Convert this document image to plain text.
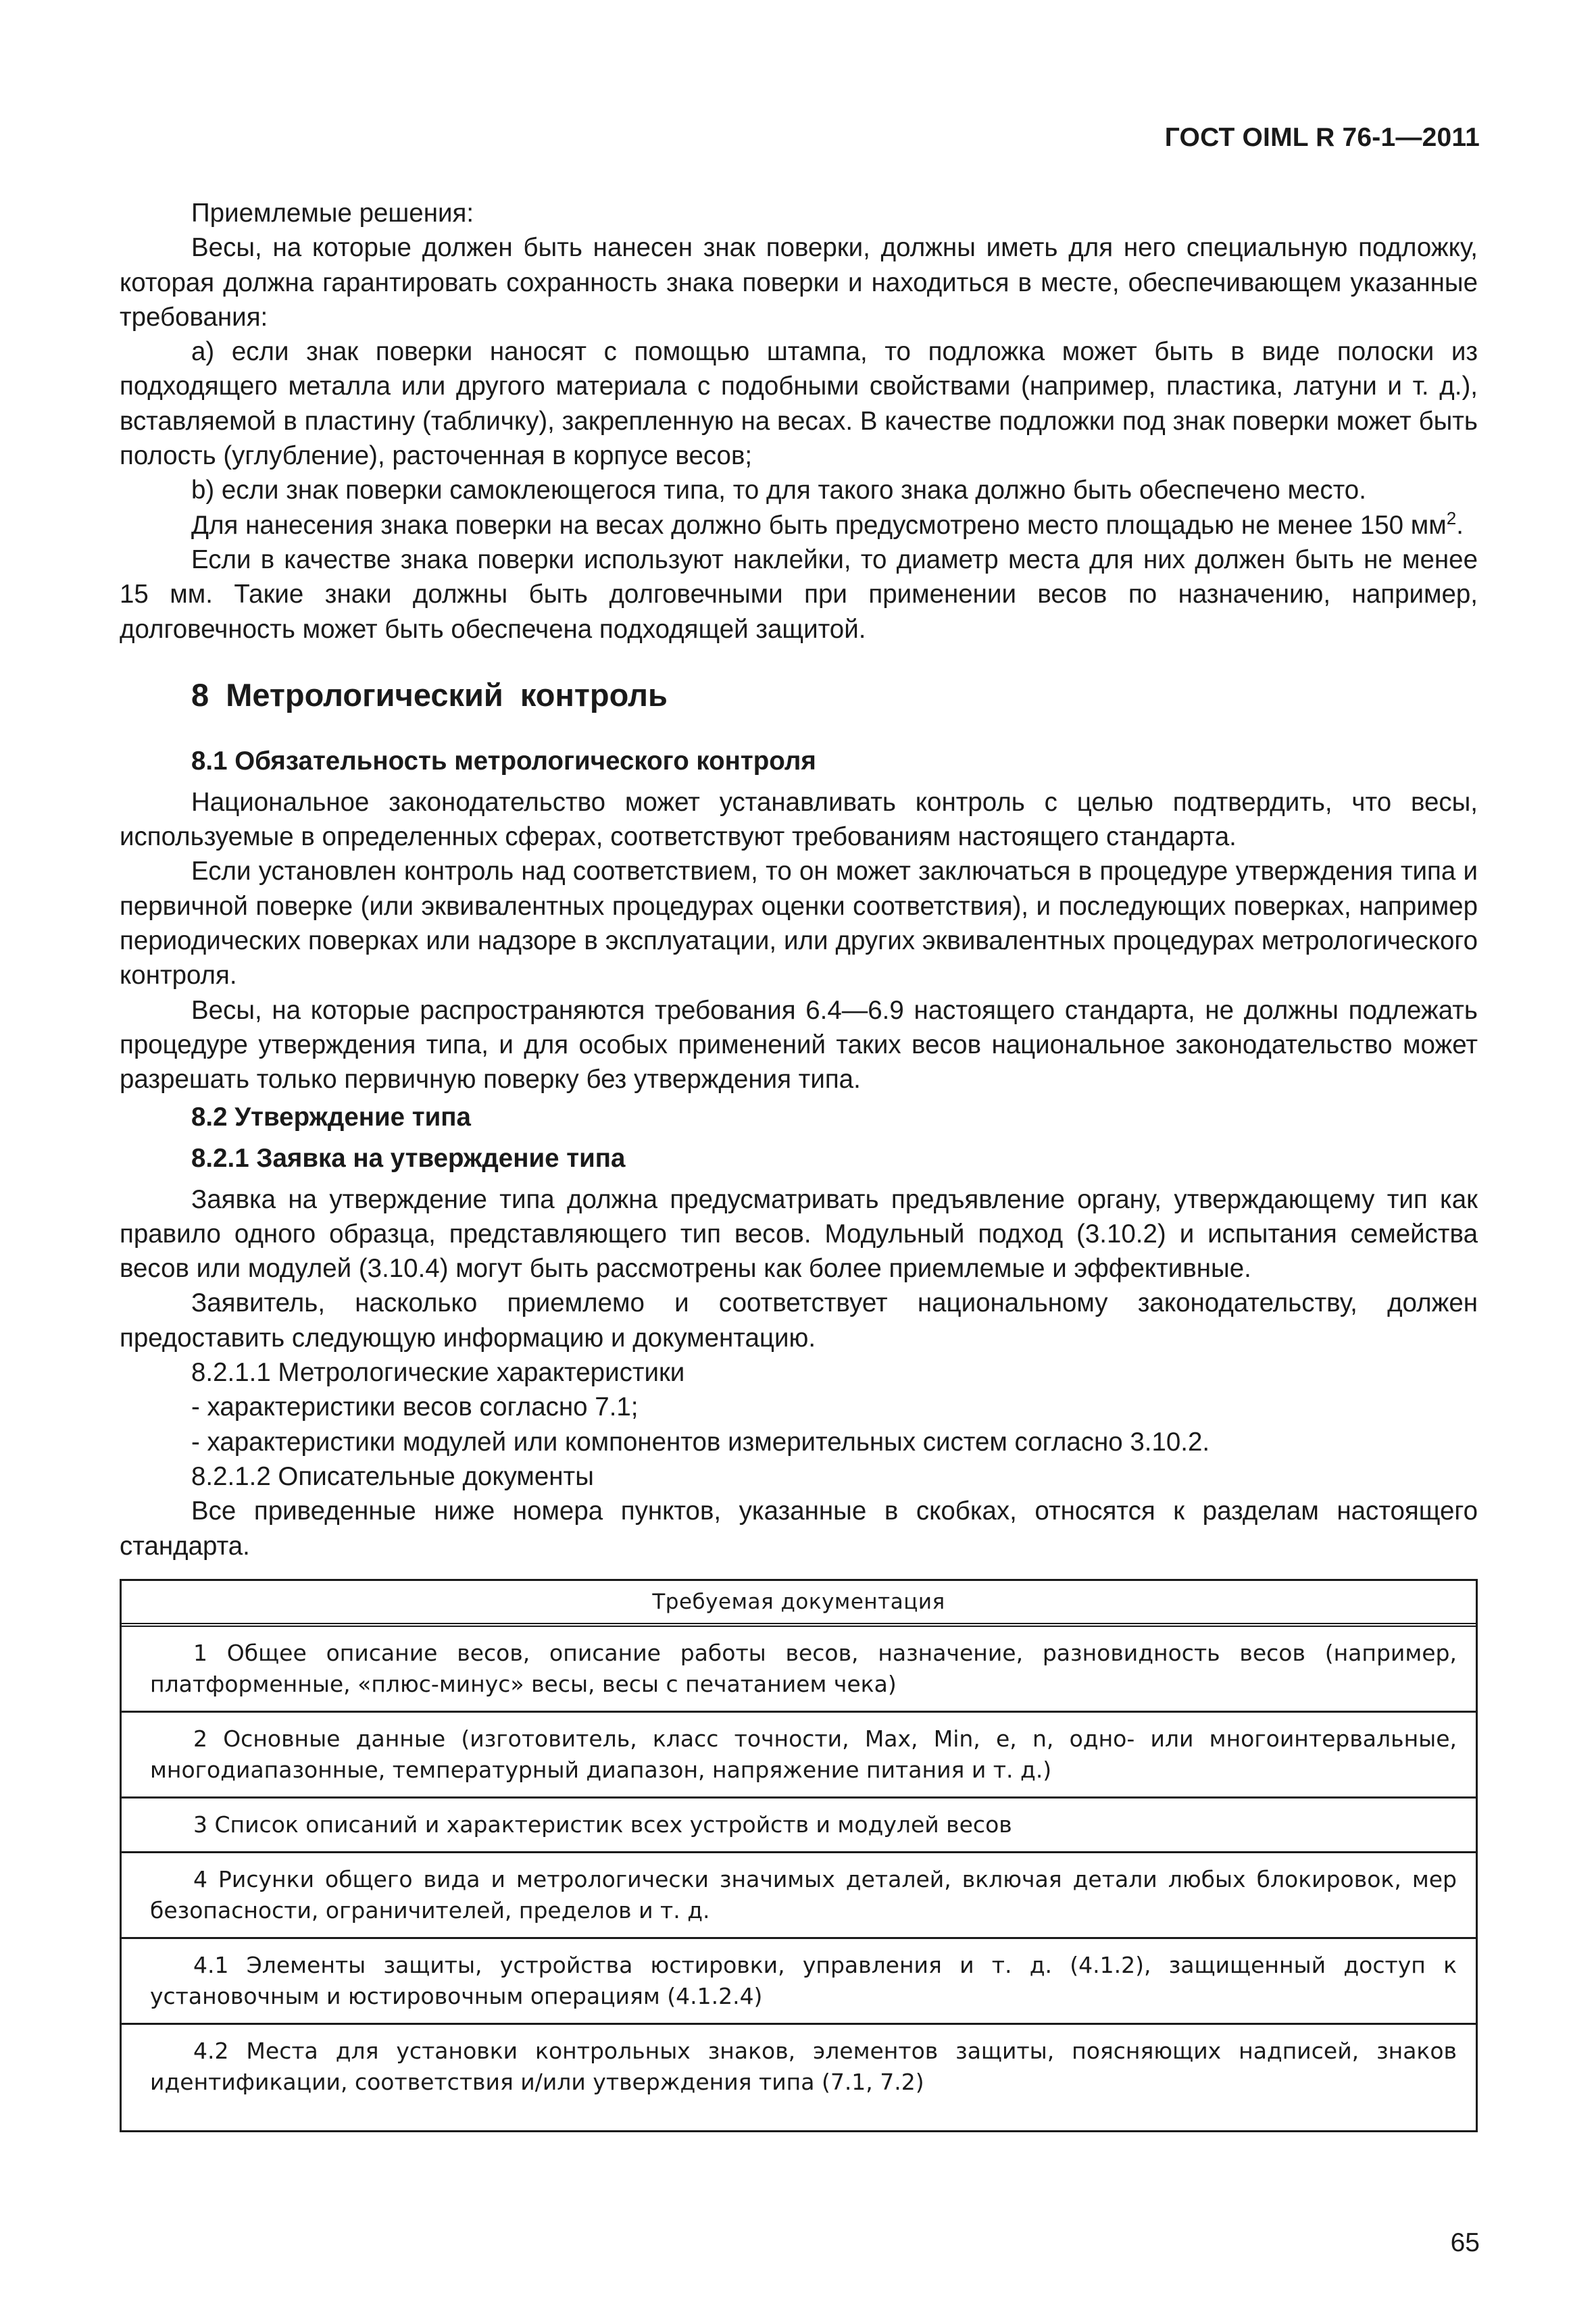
ГОСТ OIML R 76-1—2011

Приемлемые решения:

Весы, на которые должен быть нанесен знак поверки, должны иметь для него специальную подложку, которая должна гарантировать сохранность знака поверки и находиться в месте, обеспечивающем указанные требования:

a) если знак поверки наносят с помощью штампа, то подложка может быть в виде полоски из подходящего металла или другого материала с подобными свойствами (например, пластика, латуни и т. д.), вставляемой в пластину (табличку), закрепленную на весах. В качестве подложки под знак поверки может быть полость (углубление), расточенная в корпусе весов;

b) если знак поверки самоклеющегося типа, то для такого знака должно быть обеспечено место.

Для нанесения знака поверки на весах должно быть предусмотрено место площадью не менее 150 $мм^2$.

Если в качестве знака поверки используют наклейки, то диаметр места для них должен быть не менее 15 мм. Такие знаки должны быть долговечными при применении весов по назначению, например, долговечность может быть обеспечена подходящей защитой.

8 Метрологический контроль
8.1 Обязательность метрологического контроля

Национальное законодательство может устанавливать контроль с целью подтвердить, что весы, используемые в определенных сферах, соответствуют требованиям настоящего стандарта.

Если установлен контроль над соответствием, то он может заключаться в процедуре утверждения типа и первичной поверке (или эквивалентных процедурах оценки соответствия), и последующих поверках, например периодических поверках или надзоре в эксплуатации, или других эквивалентных процедурах метрологического контроля.

Весы, на которые распространяются требования 6.4—6.9 настоящего стандарта, не должны подлежать процедуре утверждения типа, и для особых применений таких весов национальное законодательство может разрешать только первичную поверку без утверждения типа.

8.2 Утверждение типа
8.2.1 Заявка на утверждение типа

Заявка на утверждение типа должна предусматривать предъявление органу, утверждающему тип как правило одного образца, представляющего тип весов. Модульный подход (3.10.2) и испытания семейства весов или модулей (3.10.4) могут быть рассмотрены как более приемлемые и эффективные.

Заявитель, насколько приемлемо и соответствует национальному законодательству, должен предоставить следующую информацию и документацию.

8.2.1.1 Метрологические характеристики

- характеристики весов согласно 7.1;

- характеристики модулей или компонентов измерительных систем согласно 3.10.2.

8.2.1.2 Описательные документы

Все приведенные ниже номера пунктов, указанные в скобках, относятся к разделам настоящего стандарта.

Требуемая документация
1 Общее описание весов, описание работы весов, назначение, разновидность весов (например, платформенные, «плюс-минус» весы, весы с печатанием чека)
2 Основные данные (изготовитель, класс точности, Max, Min, e, n, одно- или многоинтервальные, многодиапазонные, температурный диапазон, напряжение питания и т. д.)
3 Список описаний и характеристик всех устройств и модулей весов
4 Рисунки общего вида и метрологически значимых деталей, включая детали любых блокировок, мер безопасности, ограничителей, пределов и т. д.
4.1 Элементы защиты, устройства юстировки, управления и т. д. (4.1.2), защищенный доступ к установочным и юстировочным операциям (4.1.2.4)
4.2 Места для установки контрольных знаков, элементов защиты, поясняющих надписей, знаков идентификации, соответствия и/или утверждения типа (7.1, 7.2)
65
